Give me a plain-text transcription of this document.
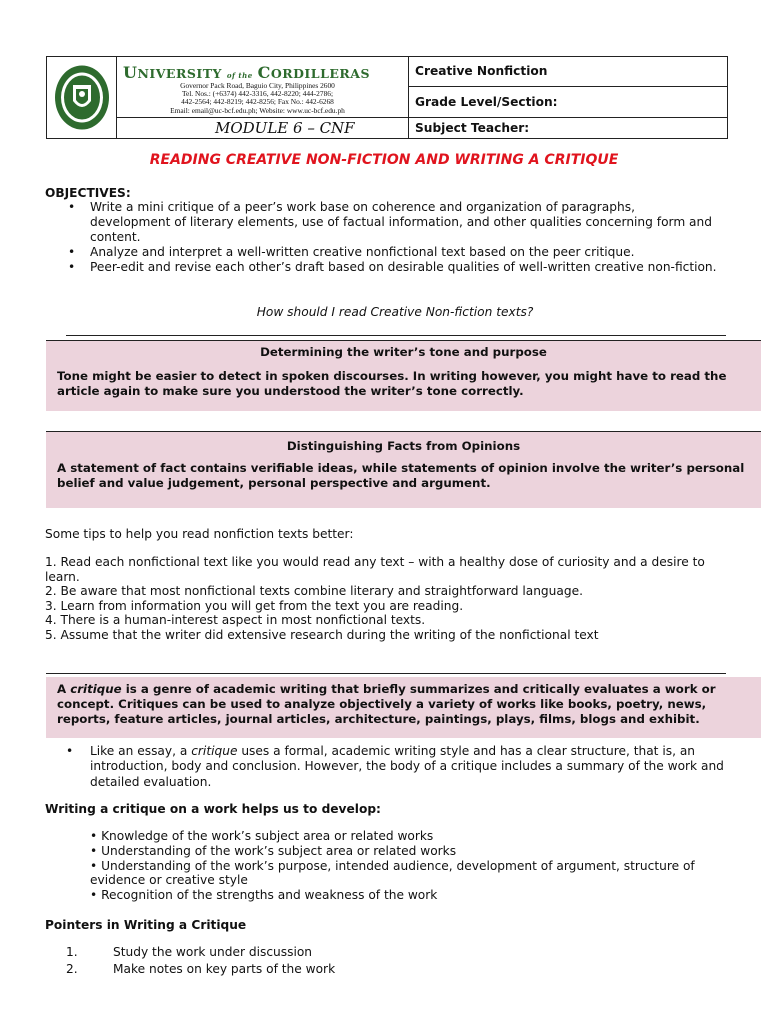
UNIVERSITY of the CORDILLERAS
Governor Pack Road, Baguio City, Philippines 2600
Tel. Nos.: (+6374) 442-3316, 442-8220; 444-2786;
442-2564; 442-8219; 442-8256; Fax No.: 442-6268
Email: email@uc-bcf.edu.ph; Website: www.uc-bcf.edu.ph
MODULE 6 – CNF
Creative Nonfiction
Grade Level/Section:
Subject Teacher:
READING CREATIVE NON-FICTION AND WRITING A CRITIQUE
OBJECTIVES:
• Write a mini critique of a peer’s work base on coherence and organization of paragraphs, development of literary elements, use of factual information, and other qualities concerning form and content.
• Analyze and interpret a well-written creative nonfictional text based on the peer critique.
• Peer-edit and revise each other’s draft based on desirable qualities of well-written creative non-fiction.
How should I read Creative Non-fiction texts?
Determining the writer’s tone and purpose
Tone might be easier to detect in spoken discourses. In writing however, you might have to read the article again to make sure you understood the writer’s tone correctly.
Distinguishing Facts from Opinions
A statement of fact contains verifiable ideas, while statements of opinion involve the writer’s personal belief and value judgement, personal perspective and argument.
Some tips to help you read nonfiction texts better:
1. Read each nonfictional text like you would read any text – with a healthy dose of curiosity and a desire to learn.
2. Be aware that most nonfictional texts combine literary and straightforward language.
3. Learn from information you will get from the text you are reading.
4. There is a human-interest aspect in most nonfictional texts.
5. Assume that the writer did extensive research during the writing of the nonfictional text
A critique is a genre of academic writing that briefly summarizes and critically evaluates a work or concept. Critiques can be used to analyze objectively a variety of works like books, poetry, news, reports, feature articles, journal articles, architecture, paintings, plays, films, blogs and exhibit.
• Like an essay, a critique uses a formal, academic writing style and has a clear structure, that is, an introduction, body and conclusion. However, the body of a critique includes a summary of the work and detailed evaluation.
Writing a critique on a work helps us to develop:
• Knowledge of the work’s subject area or related works
• Understanding of the work’s subject area or related works
• Understanding of the work’s purpose, intended audience, development of argument, structure of evidence or creative style
• Recognition of the strengths and weakness of the work
Pointers in Writing a Critique
1.	Study the work under discussion
2.	Make notes on key parts of the work
